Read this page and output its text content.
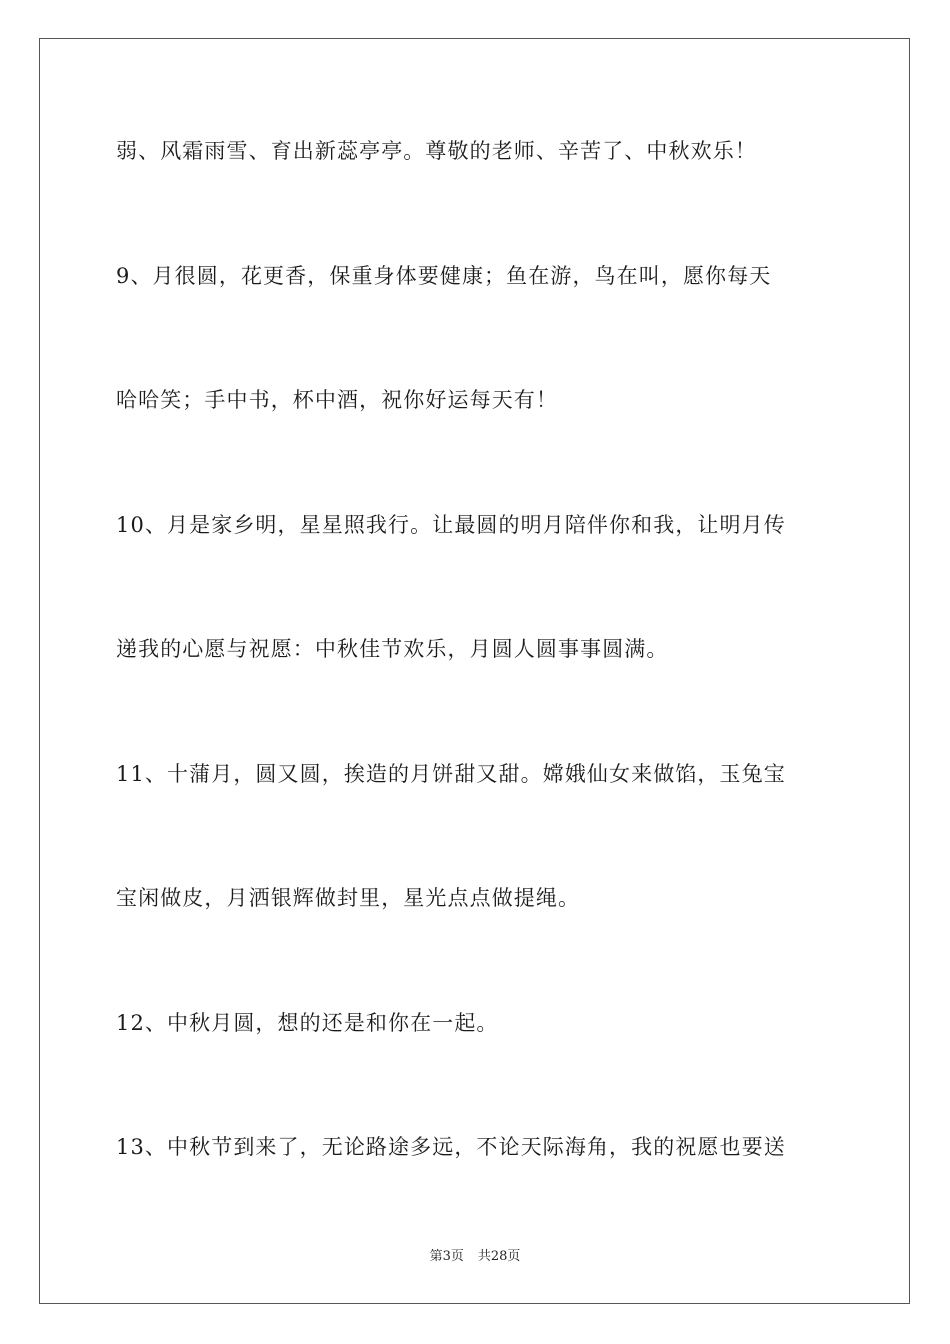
弱、风霜雨雪、育出新蕊亭亭。尊敬的老师、辛苦了、中秋欢乐！
9、月很圆，花更香，保重身体要健康；鱼在游，鸟在叫，愿你每天
哈哈笑；手中书，杯中酒，祝你好运每天有！
10、月是家乡明，星星照我行。让最圆的明月陪伴你和我，让明月传
递我的心愿与祝愿：中秋佳节欢乐，月圆人圆事事圆满。
11、十蒲月，圆又圆，挨造的月饼甜又甜。嫦娥仙女来做馅，玉兔宝
宝闲做皮，月洒银辉做封里，星光点点做提绳。
12、中秋月圆，想的还是和你在一起。
13、中秋节到来了，无论路途多远，不论天际海角，我的祝愿也要送
第3页 共28页
